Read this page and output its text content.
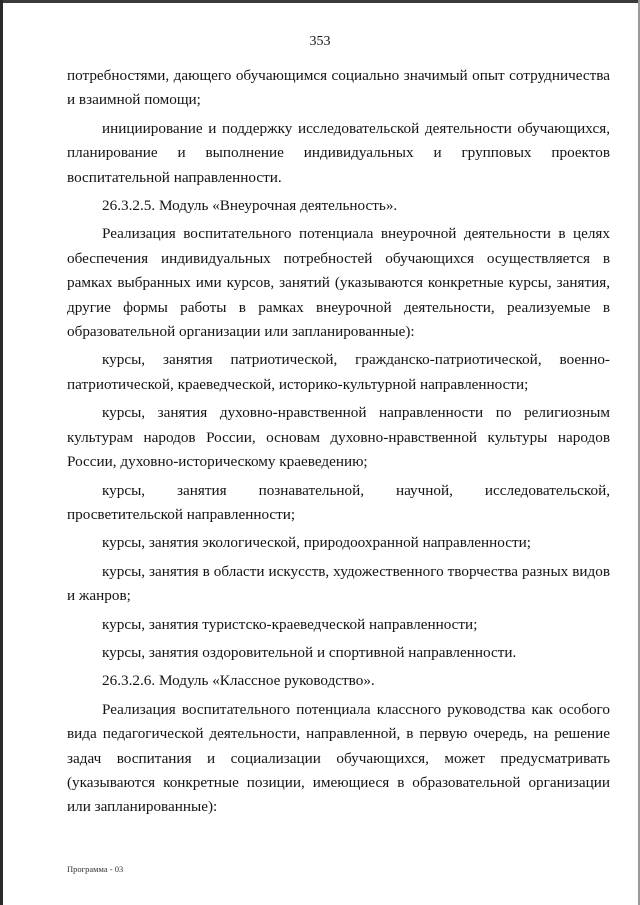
353

потребностями, дающего обучающимся социально значимый опыт сотрудничества и взаимной помощи;

инициирование и поддержку исследовательской деятельности обучающихся, планирование и выполнение индивидуальных и групповых проектов воспитательной направленности.

26.3.2.5. Модуль «Внеурочная деятельность».

Реализация воспитательного потенциала внеурочной деятельности в целях обеспечения индивидуальных потребностей обучающихся осуществляется в рамках выбранных ими курсов, занятий (указываются конкретные курсы, занятия, другие формы работы в рамках внеурочной деятельности, реализуемые в образовательной организации или запланированные):

курсы, занятия патриотической, гражданско-патриотической, военно-патриотической, краеведческой, историко-культурной направленности;

курсы, занятия духовно-нравственной направленности по религиозным культурам народов России, основам духовно-нравственной культуры народов России, духовно-историческому краеведению;

курсы, занятия познавательной, научной, исследовательской, просветительской направленности;

курсы, занятия экологической, природоохранной направленности;

курсы, занятия в области искусств, художественного творчества разных видов и жанров;

курсы, занятия туристско-краеведческой направленности;

курсы, занятия оздоровительной и спортивной направленности.

26.3.2.6. Модуль «Классное руководство».

Реализация воспитательного потенциала классного руководства как особого вида педагогической деятельности, направленной, в первую очередь, на решение задач воспитания и социализации обучающихся, может предусматривать (указываются конкретные позиции, имеющиеся в образовательной организации или запланированные):

Программа - 03
